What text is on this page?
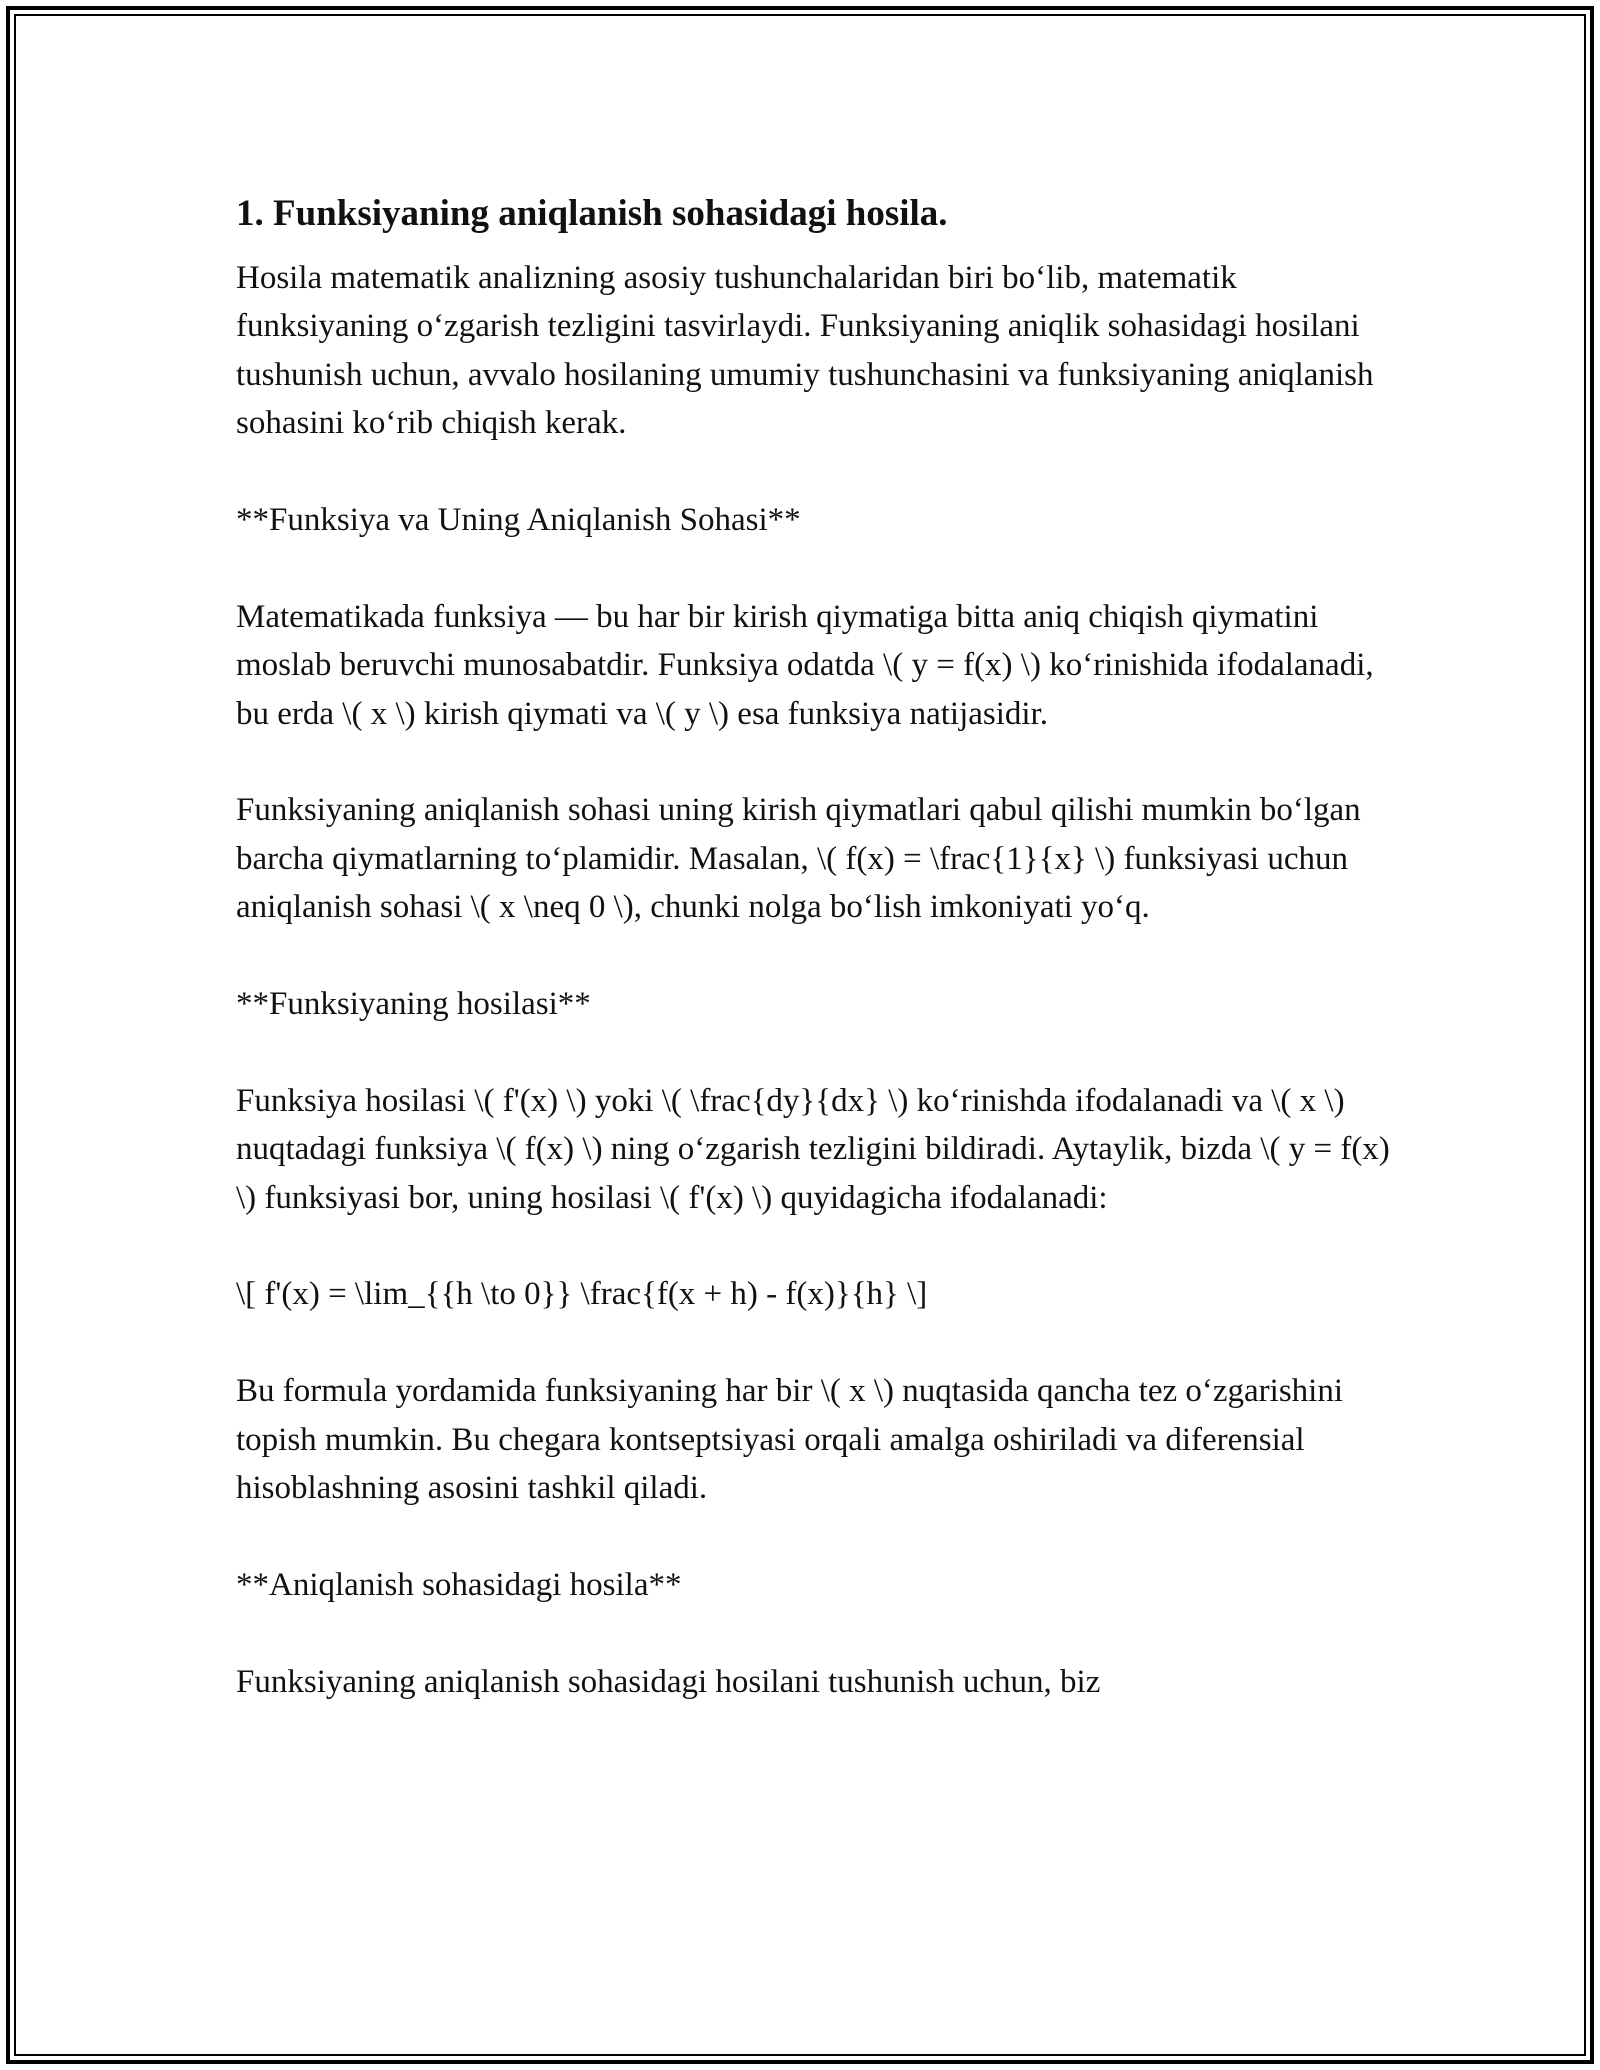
1. Funksiyaning aniqlanish sohasidagi hosila.

Hosila matematik analizning asosiy tushunchalaridan biri bo‘lib, matematik funksiyaning o‘zgarish tezligini tasvirlaydi. Funksiyaning aniqlik sohasidagi hosilani tushunish uchun, avvalo hosilaning umumiy tushunchasini va funksiyaning aniqlanish sohasini ko‘rib chiqish kerak.

**Funksiya va Uning Aniqlanish Sohasi**

Matematikada funksiya — bu har bir kirish qiymatiga bitta aniq chiqish qiymatini moslab beruvchi munosabatdir. Funksiya odatda \( y = f(x) \) ko‘rinishida ifodalanadi, bu erda \( x \) kirish qiymati va \( y \) esa funksiya natijasidir.

Funksiyaning aniqlanish sohasi uning kirish qiymatlari qabul qilishi mumkin bo‘lgan barcha qiymatlarning to‘plamidir. Masalan, \( f(x) = \frac{1}{x} \) funksiyasi uchun aniqlanish sohasi \( x \neq 0 \), chunki nolga bo‘lish imkoniyati yo‘q.

**Funksiyaning hosilasi**

Funksiya hosilasi \( f'(x) \) yoki \( \frac{dy}{dx} \) ko‘rinishda ifodalanadi va \( x \) nuqtadagi funksiya \( f(x) \) ning o‘zgarish tezligini bildiradi. Aytaylik, bizda \( y = f(x) \) funksiyasi bor, uning hosilasi \( f'(x) \) quyidagicha ifodalanadi:

\[ f'(x) = \lim_{{h \to 0}} \frac{f(x + h) - f(x)}{h} \]

Bu formula yordamida funksiyaning har bir \( x \) nuqtasida qancha tez o‘zgarishini topish mumkin. Bu chegara kontseptsiyasi orqali amalga oshiriladi va diferensial hisoblashning asosini tashkil qiladi.

**Aniqlanish sohasidagi hosila**

Funksiyaning aniqlanish sohasidagi hosilani tushunish uchun, biz
